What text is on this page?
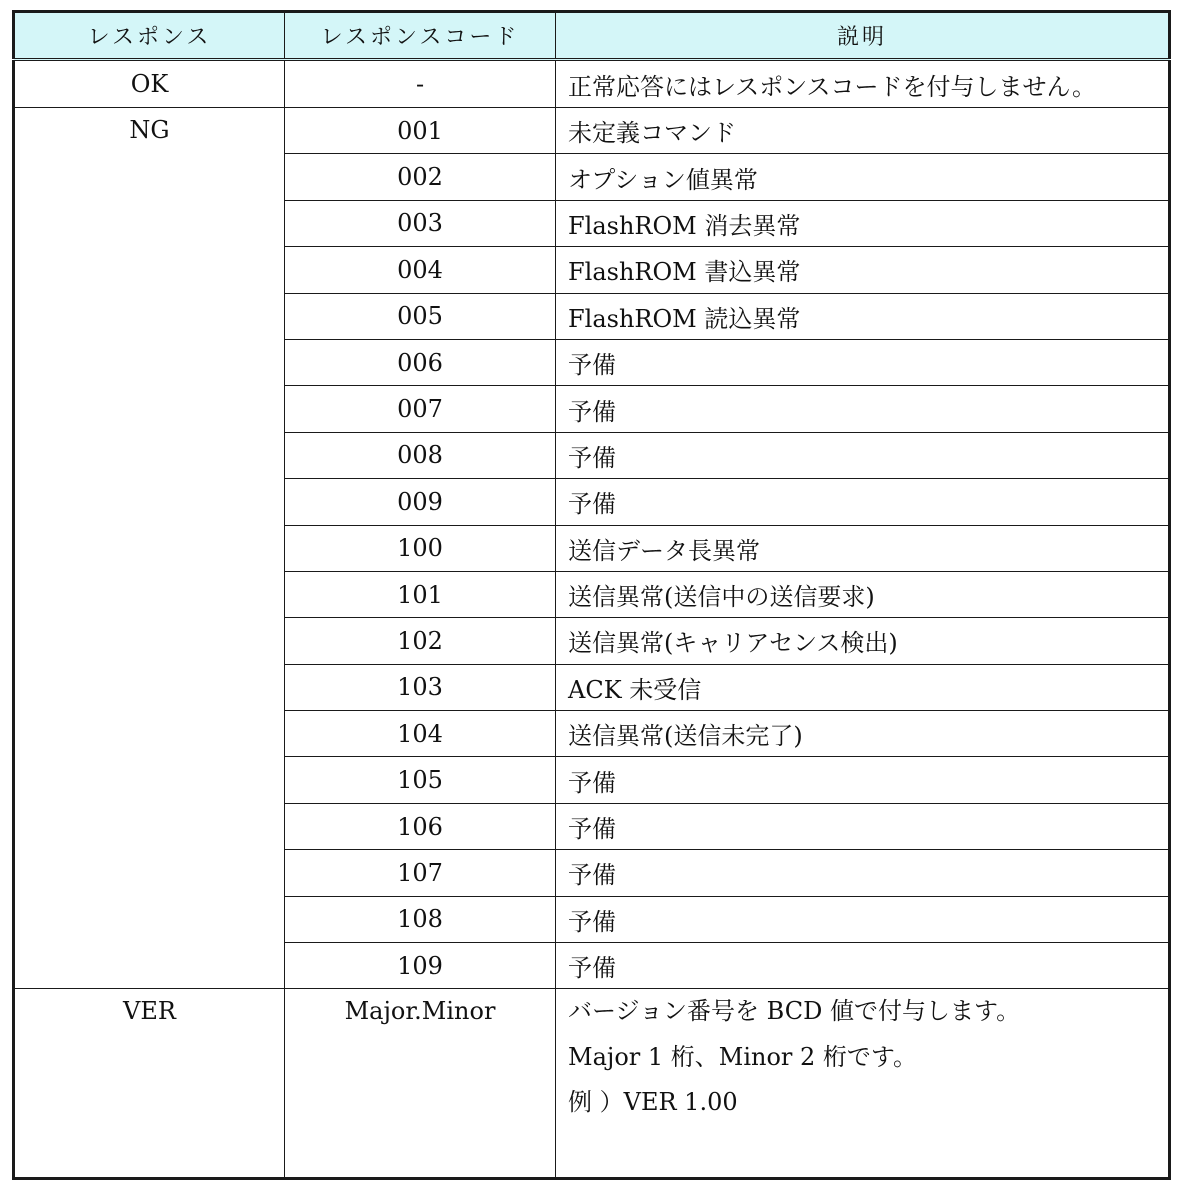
レスポンス	レスポンスコード	説明
OK	-	正常応答にはレスポンスコードを付与しません。
NG	001	未定義コマンド
	002	オプション値異常
	003	FlashROM 消去異常
	004	FlashROM 書込異常
	005	FlashROM 読込異常
	006	予備
	007	予備
	008	予備
	009	予備
	100	送信データ長異常
	101	送信異常(送信中の送信要求)
	102	送信異常(キャリアセンス検出)
	103	ACK 未受信
	104	送信異常(送信未完了)
	105	予備
	106	予備
	107	予備
	108	予備
	109	予備
VER	Major.Minor	バージョン番号を BCD 値で付与します。
Major 1 桁、Minor 2 桁です。
例 ）VER 1.00
